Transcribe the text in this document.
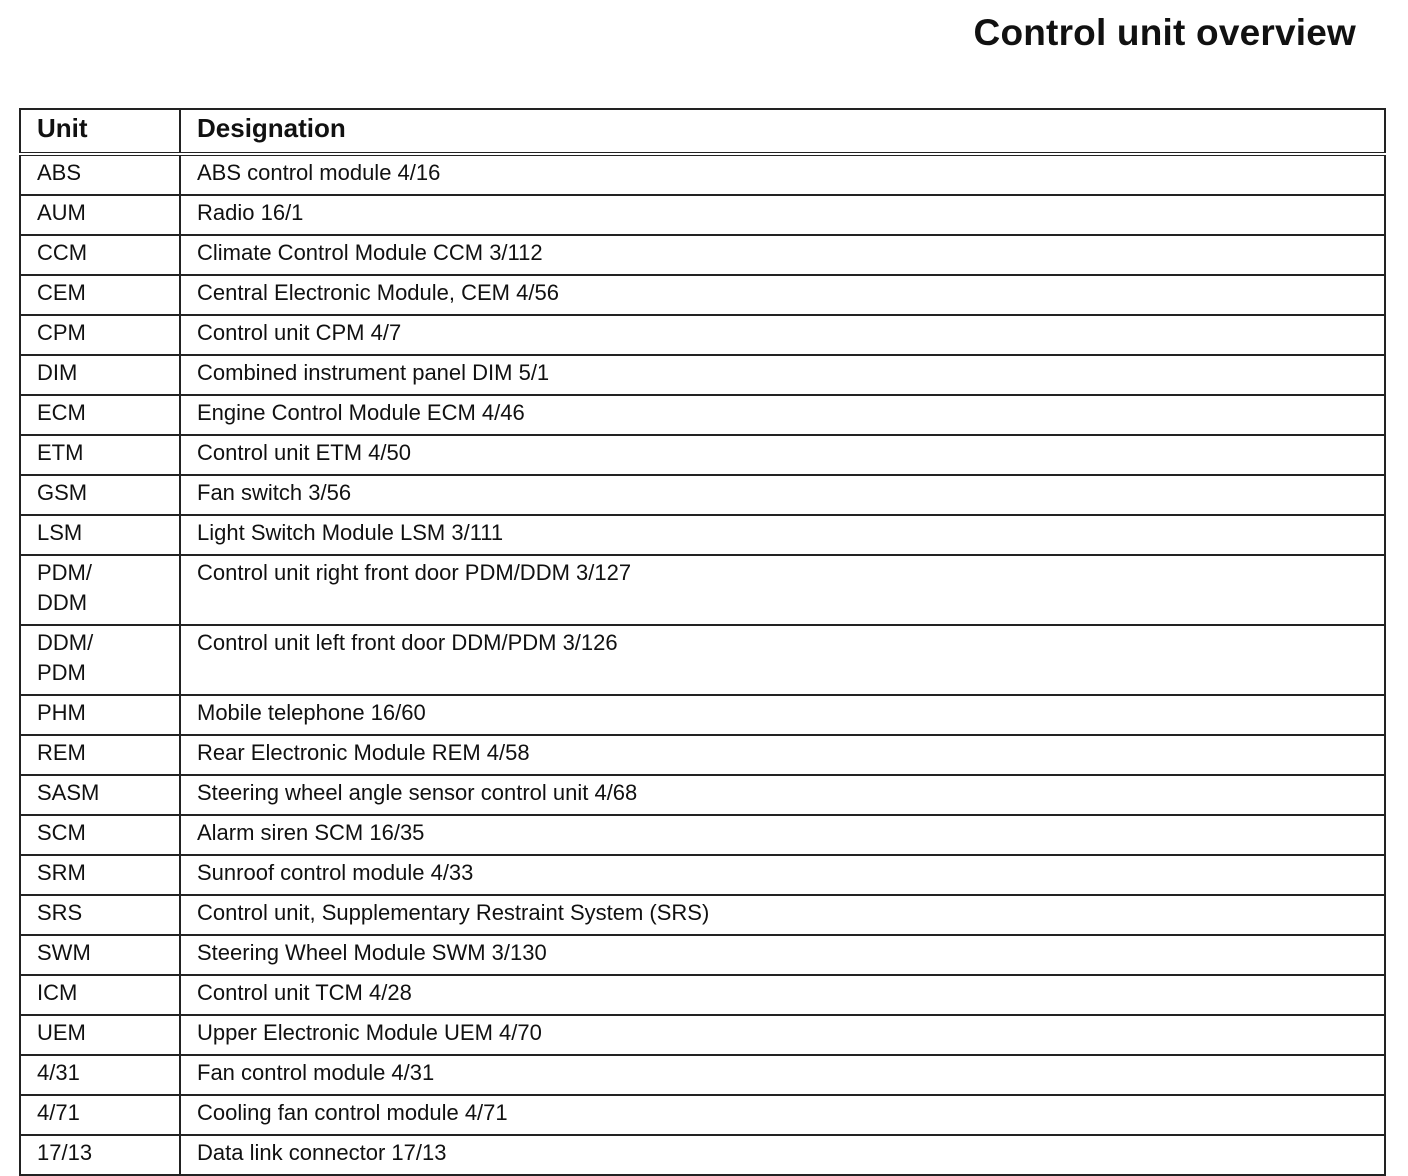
Control unit overview
Unit	Designation
ABS	ABS control module 4/16
AUM	Radio 16/1
CCM	Climate Control Module CCM 3/112
CEM	Central Electronic Module, CEM 4/56
CPM	Control unit CPM 4/7
DIM	Combined instrument panel DIM 5/1
ECM	Engine Control Module ECM 4/46
ETM	Control unit ETM 4/50
GSM	Fan switch 3/56
LSM	Light Switch Module LSM 3/111
PDM/
DDM	Control unit right front door PDM/DDM 3/127
DDM/
PDM	Control unit left front door DDM/PDM 3/126
PHM	Mobile telephone 16/60
REM	Rear Electronic Module REM 4/58
SASM	Steering wheel angle sensor control unit 4/68
SCM	Alarm siren SCM 16/35
SRM	Sunroof control module 4/33
SRS	Control unit, Supplementary Restraint System (SRS)
SWM	Steering Wheel Module SWM 3/130
ICM	Control unit TCM 4/28
UEM	Upper Electronic Module UEM 4/70
4/31	Fan control module 4/31
4/71	Cooling fan control module 4/71
17/13	Data link connector 17/13
